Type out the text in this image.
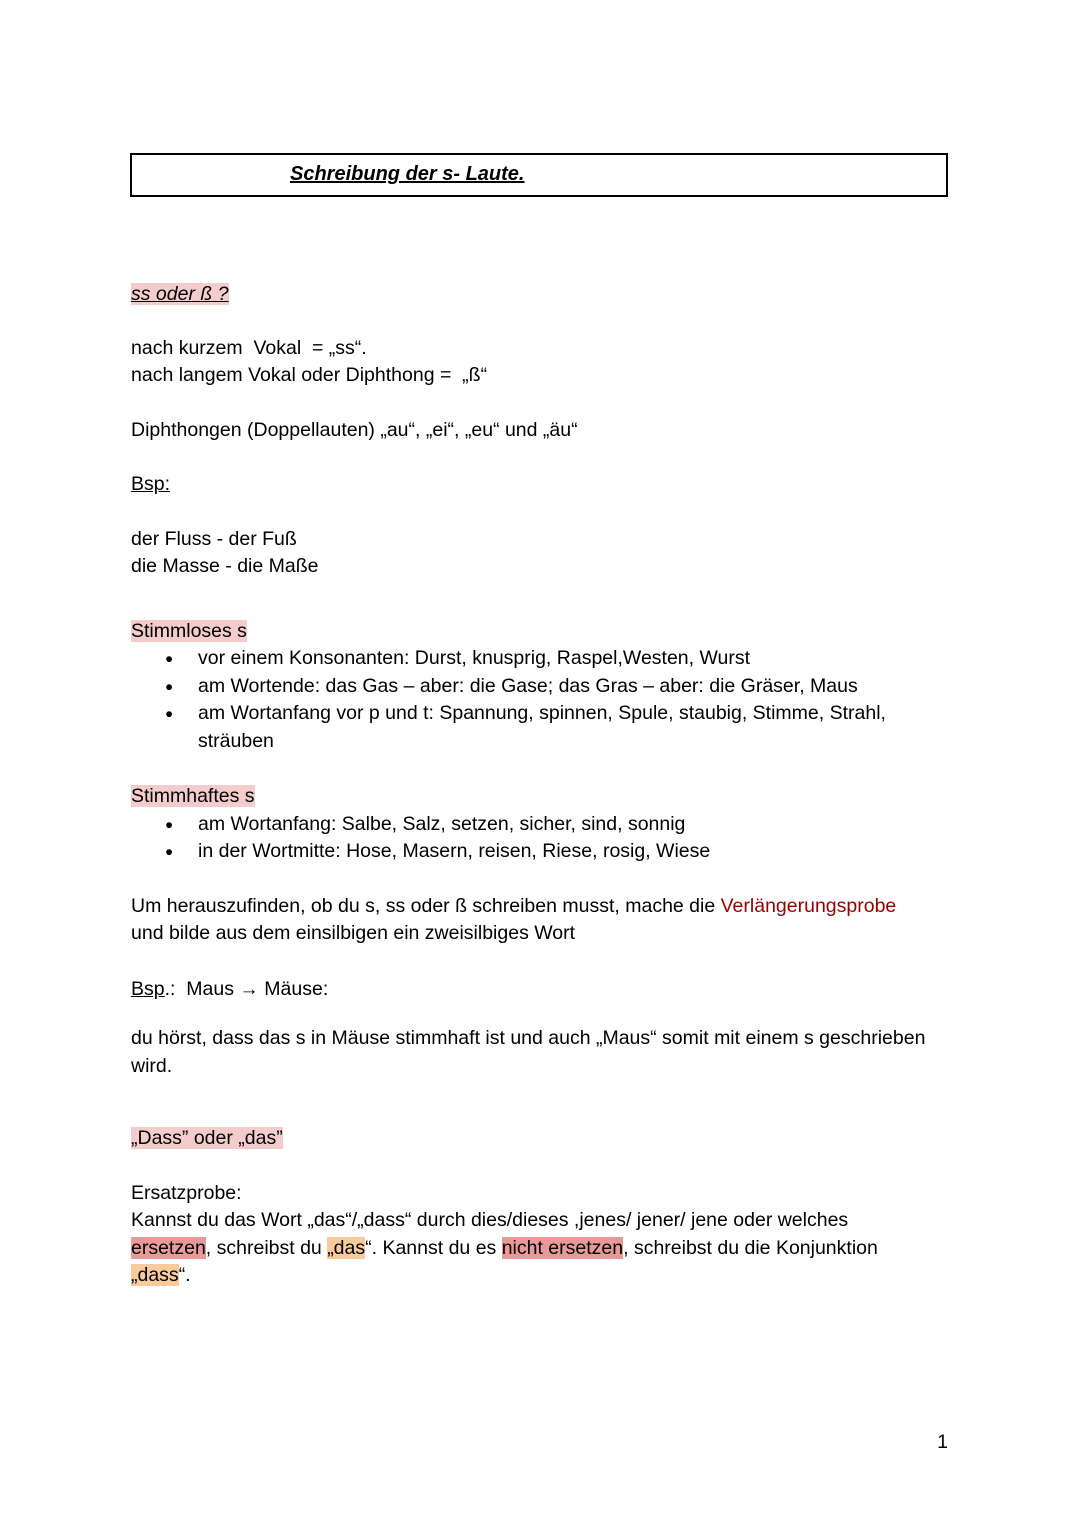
Schreibung der s- Laute.
ss oder ß ?
nach kurzem  Vokal  = „ss“.
nach langem Vokal oder Diphthong =  „ß“
Diphthongen (Doppellauten) „au“, „ei“, „eu“ und „äu“
Bsp:
der Fluss - der Fuß
die Masse - die Maße
Stimmloses s
●	vor einem Konsonanten: Durst, knusprig, Raspel,Westen, Wurst
●	am Wortende: das Gas – aber: die Gase; das Gras – aber: die Gräser, Maus
●	am Wortanfang vor p und t: Spannung, spinnen, Spule, staubig, Stimme, Strahl,
sträuben
Stimmhaftes s
●	am Wortanfang: Salbe, Salz, setzen, sicher, sind, sonnig
●	in der Wortmitte: Hose, Masern, reisen, Riese, rosig, Wiese
Um herauszufinden, ob du s, ss oder ß schreiben musst, mache die Verlängerungsprobe
und bilde aus dem einsilbigen ein zweisilbiges Wort
Bsp.:  Maus → Mäuse:
du hörst, dass das s in Mäuse stimmhaft ist und auch „Maus“ somit mit einem s geschrieben
wird.
„Dass” oder „das”
Ersatzprobe:
Kannst du das Wort „das“/„dass“ durch dies/dieses ,jenes/ jener/ jene oder welches
ersetzen, schreibst du „das“. Kannst du es nicht ersetzen, schreibst du die Konjunktion
„dass“.
1
